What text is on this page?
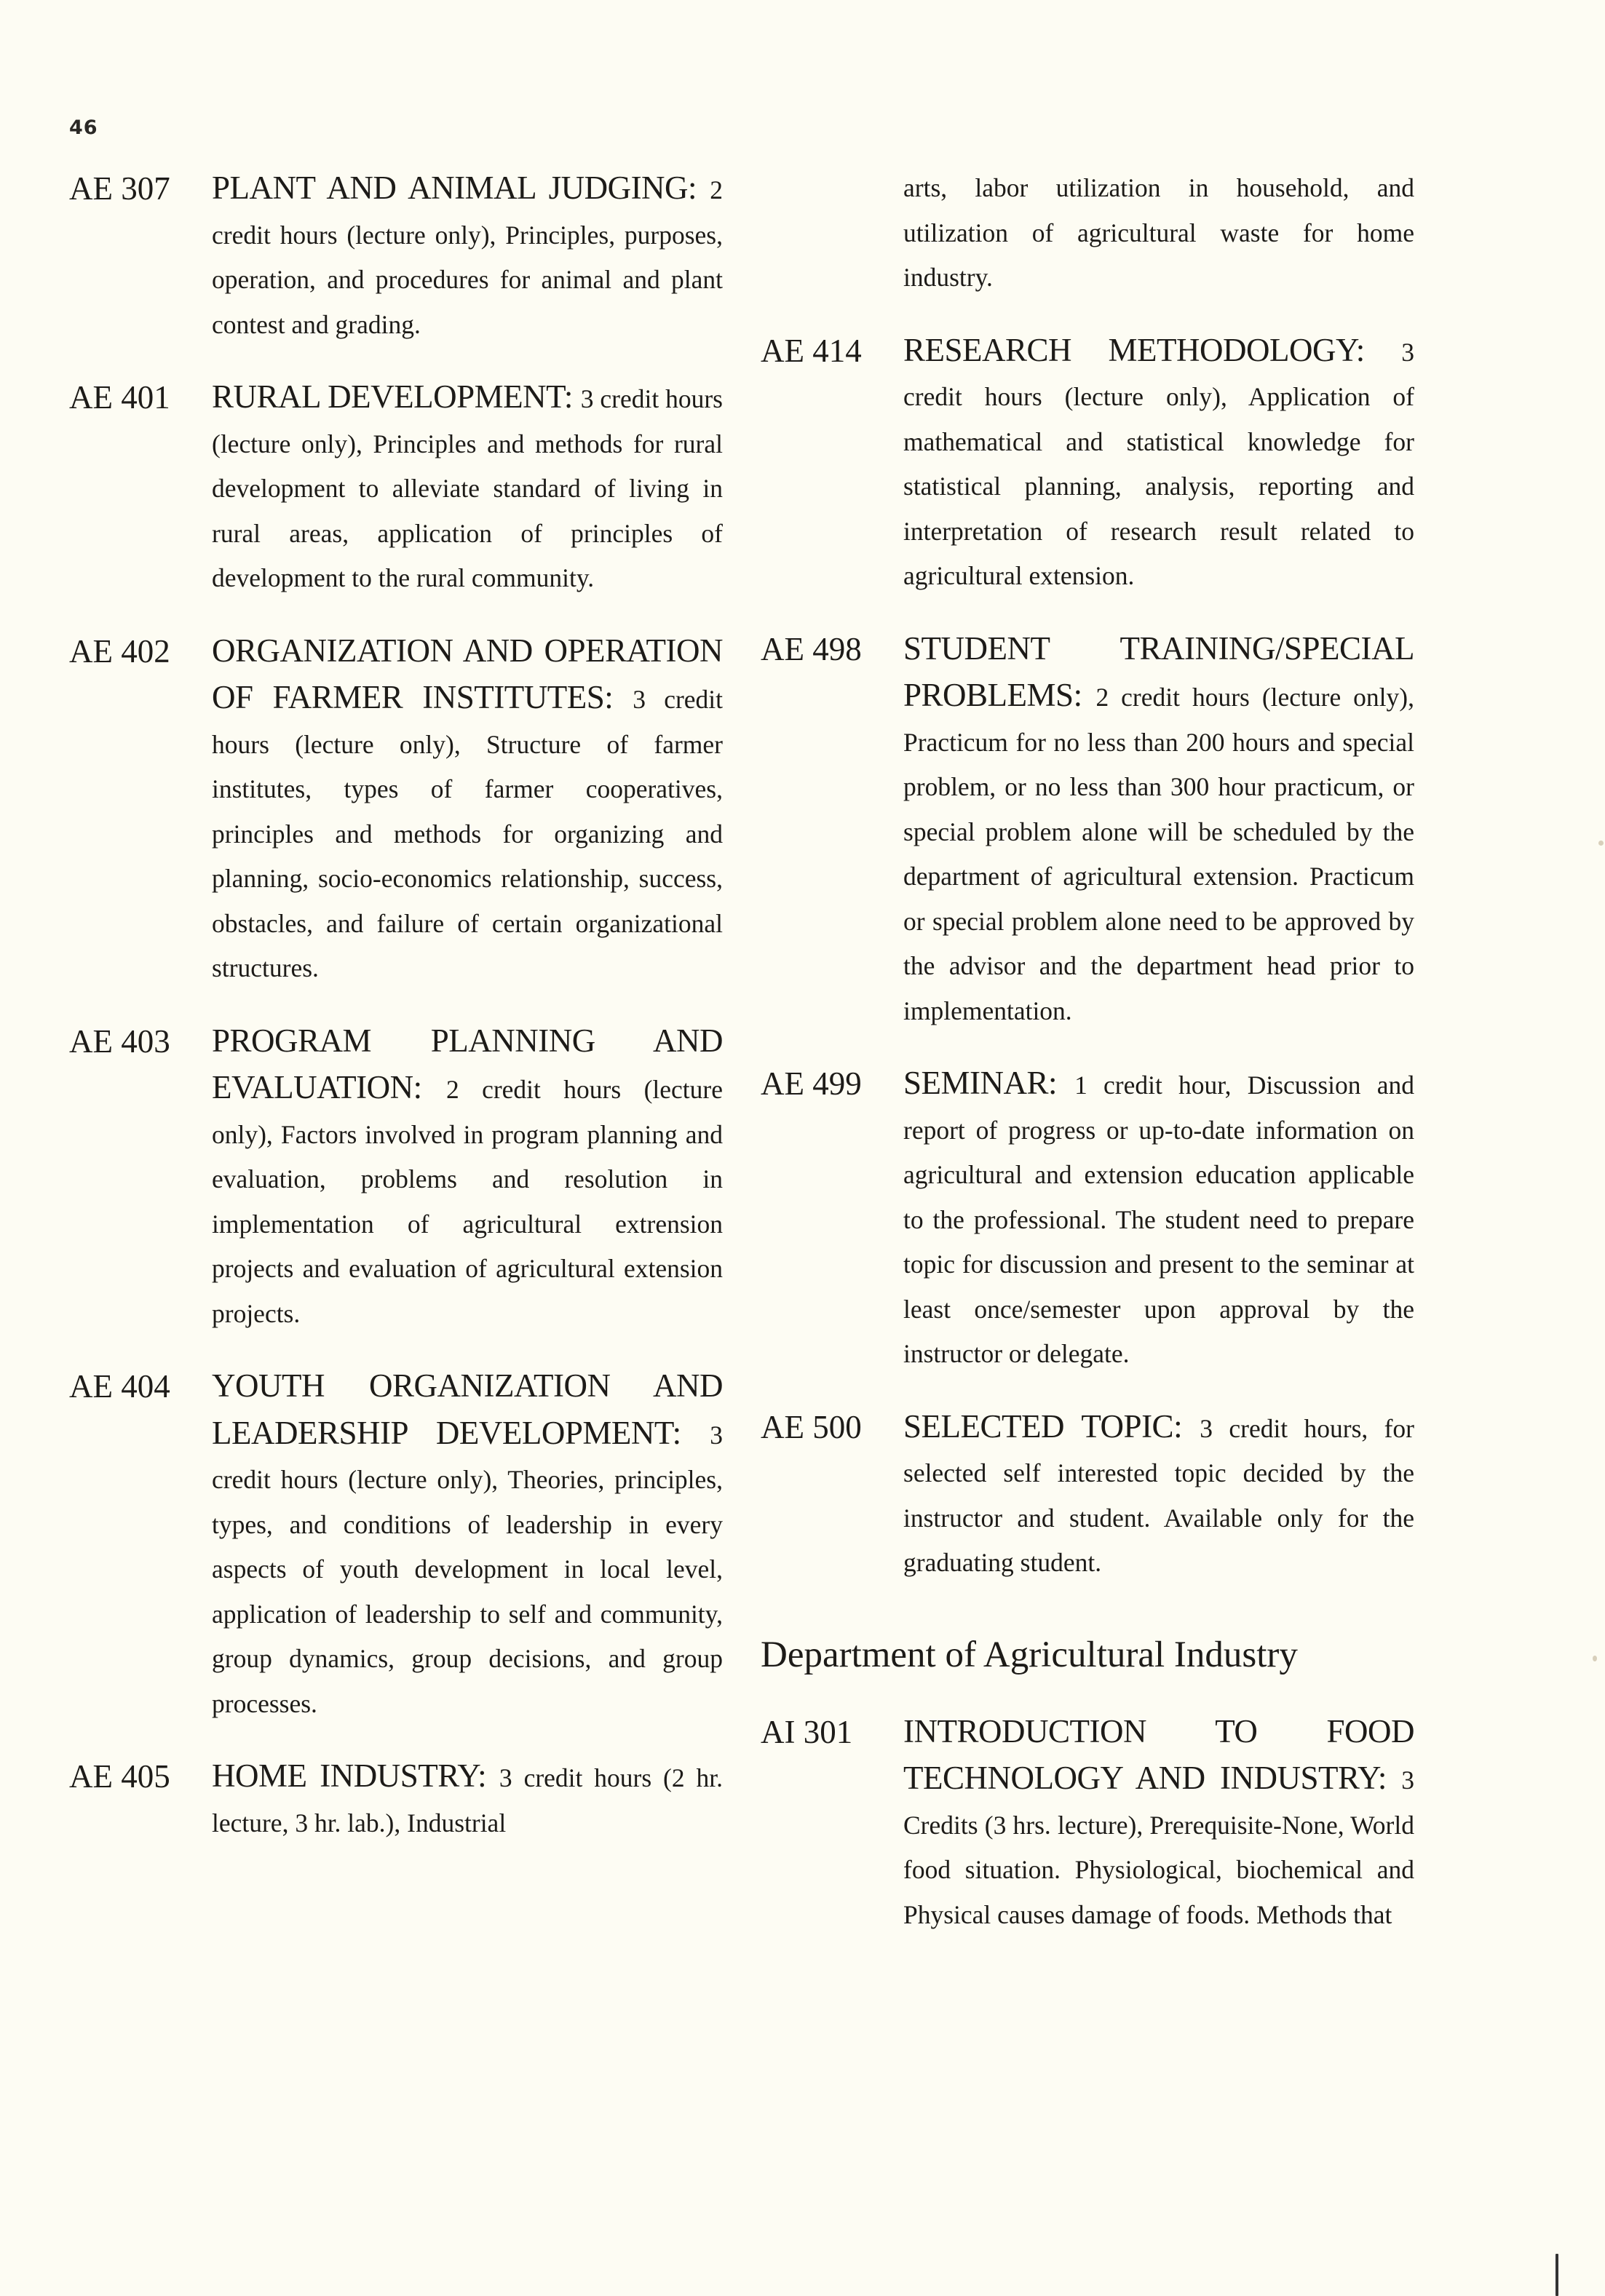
46
AE 307	PLANT AND ANIMAL JUDGING: 2 credit hours (lecture only), Principles, purposes, operation, and procedures for animal and plant contest and grading.
AE 401	RURAL DEVELOPMENT: 3 credit hours (lecture only), Principles and methods for rural development to alleviate standard of living in rural areas, application of principles of development to the rural community.
AE 402	ORGANIZATION AND OPERATION OF FARMER INSTITUTES: 3 credit hours (lecture only), Structure of farmer institutes, types of farmer cooperatives, principles and methods for organizing and planning, socio-economics relationship, success, obstacles, and failure of certain organizational structures.
AE 403	PROGRAM PLANNING AND EVALUATION: 2 credit hours (lecture only), Factors involved in program planning and evaluation, problems and resolution in implementation of agricultural extrension projects and evaluation of agricultural extension projects.
AE 404	YOUTH ORGANIZATION AND LEADERSHIP DEVELOPMENT: 3 credit hours (lecture only), Theories, principles, types, and conditions of leadership in every aspects of youth development in local level, application of leadership to self and community, group dynamics, group decisions, and group processes.
AE 405	HOME INDUSTRY: 3 credit hours (2 hr. lecture, 3 hr. lab.), Industrial
arts, labor utilization in household, and utilization of agricultural waste for home industry.
AE 414	RESEARCH METHODOLOGY: 3 credit hours (lecture only), Application of mathematical and statistical knowledge for statistical planning, analysis, reporting and interpretation of research result related to agricultural extension.
AE 498	STUDENT TRAINING/SPECIAL PROBLEMS: 2 credit hours (lecture only), Practicum for no less than 200 hours and special problem, or no less than 300 hour practicum, or special problem alone will be scheduled by the department of agricultural extension. Practicum or special problem alone need to be approved by the advisor and the department head prior to implementation.
AE 499	SEMINAR: 1 credit hour, Discussion and report of progress or up-to-date information on agricultural and extension education applicable to the professional. The student need to prepare topic for discussion and present to the seminar at least once/semester upon approval by the instructor or delegate.
AE 500	SELECTED TOPIC: 3 credit hours, for selected self interested topic decided by the instructor and student. Available only for the graduating student.
Department of Agricultural Industry
AI 301	INTRODUCTION TO FOOD TECHNOLOGY AND INDUSTRY: 3 Credits (3 hrs. lecture), Prerequisite-None, World food situation. Physiological, biochemical and Physical causes damage of foods. Methods that
